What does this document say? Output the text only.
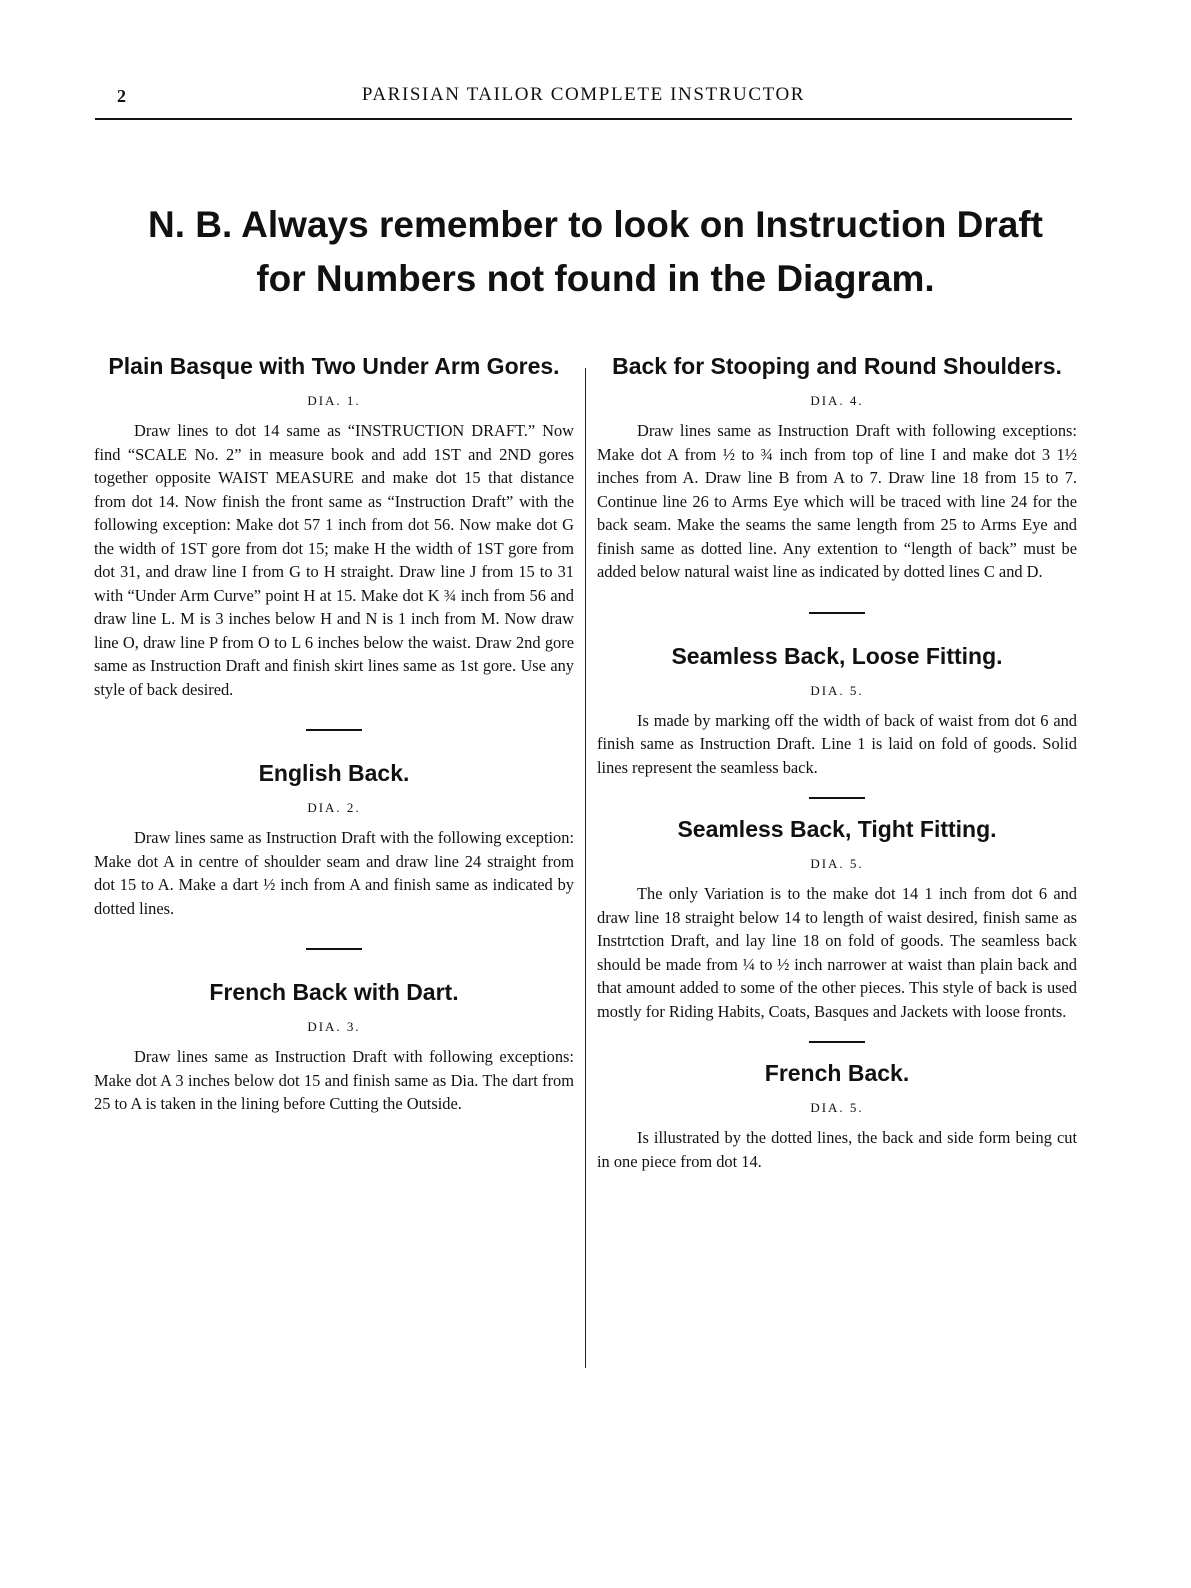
2	PARISIAN TAILOR COMPLETE INSTRUCTOR
N. B. Always remember to look on Instruction Draft
for Numbers not found in the Diagram.
Plain Basque with Two Under Arm Gores.
DIA. 1.

Draw lines to dot 14 same as “INSTRUCTION DRAFT.” Now find “SCALE No. 2” in measure book and add 1ST and 2ND gores together opposite WAIST MEASURE and make dot 15 that distance from dot 14. Now finish the front same as “Instruction Draft” with the following exception: Make dot 57 1 inch from dot 56. Now make dot G the width of 1ST gore from dot 15; make H the width of 1ST gore from dot 31, and draw line I from G to H straight. Draw line J from 15 to 31 with “Under Arm Curve” point H at 15. Make dot K ¾ inch from 56 and draw line L. M is 3 inches below H and N is 1 inch from M. Now draw line O, draw line P from O to L 6 inches below the waist. Draw 2nd gore same as Instruction Draft and finish skirt lines same as 1st gore. Use any style of back desired.

English Back.
DIA. 2.

Draw lines same as Instruction Draft with the following exception: Make dot A in centre of shoulder seam and draw line 24 straight from dot 15 to A. Make a dart ½ inch from A and finish same as indicated by dotted lines.

French Back with Dart.
DIA. 3.

Draw lines same as Instruction Draft with following exceptions: Make dot A 3 inches below dot 15 and finish same as Dia. The dart from 25 to A is taken in the lining before Cutting the Outside.

Back for Stooping and Round Shoulders.
DIA. 4.

Draw lines same as Instruction Draft with following exceptions: Make dot A from ½ to ¾ inch from top of line I and make dot 3 1½ inches from A. Draw line B from A to 7. Draw line 18 from 15 to 7. Continue line 26 to Arms Eye which will be traced with line 24 for the back seam. Make the seams the same length from 25 to Arms Eye and finish same as dotted line. Any extention to “length of back” must be added below natural waist line as indicated by dotted lines C and D.

Seamless Back, Loose Fitting.
DIA. 5.

Is made by marking off the width of back of waist from dot 6 and finish same as Instruction Draft. Line 1 is laid on fold of goods. Solid lines represent the seamless back.

Seamless Back, Tight Fitting.
DIA. 5.

The only Variation is to the make dot 14 1 inch from dot 6 and draw line 18 straight below 14 to length of waist desired, finish same as Instrtction Draft, and lay line 18 on fold of goods. The seamless back should be made from ¼ to ½ inch narrower at waist than plain back and that amount added to some of the other pieces. This style of back is used mostly for Riding Habits, Coats, Basques and Jackets with loose fronts.

French Back.
DIA. 5.

Is illustrated by the dotted lines, the back and side form being cut in one piece from dot 14.
